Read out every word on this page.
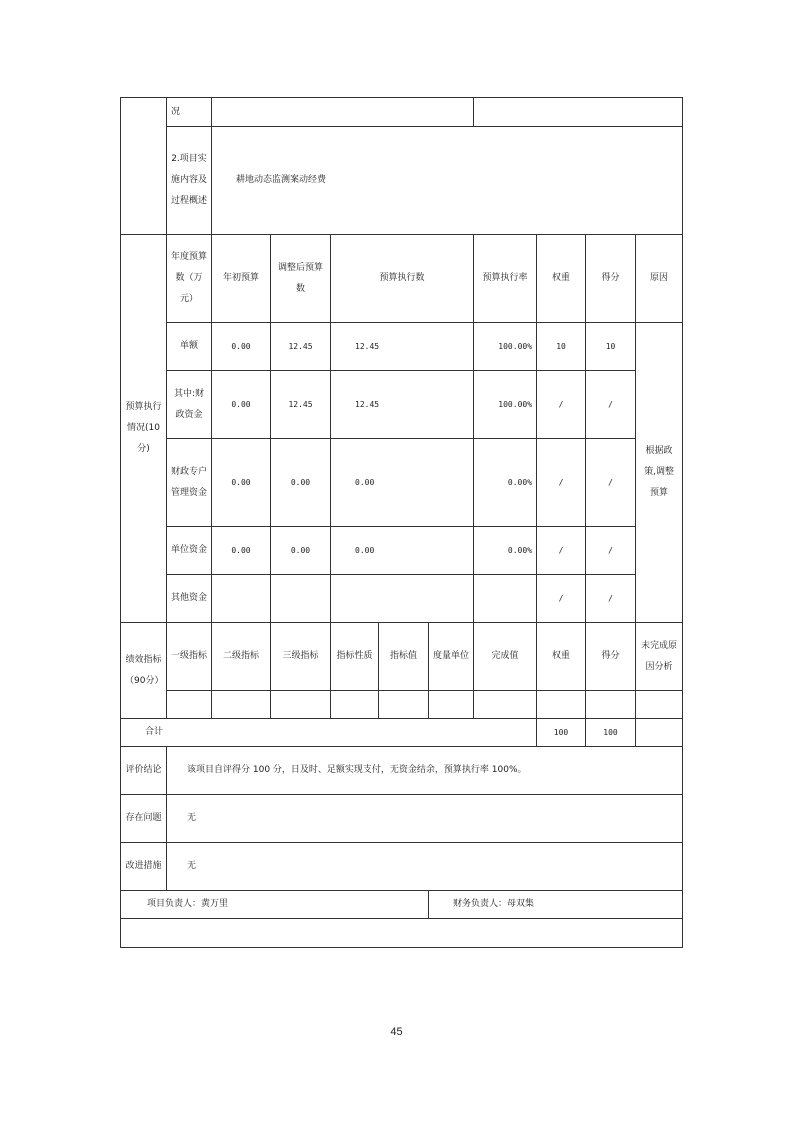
	况									
	2.项目实施内容及过程概述	耕地动态监测案动经费								
预算执行情况(10分)	年度预算数（万元）	年初预算	调整后预算数	预算执行数			预算执行率	权重	得分	原因
	单额	0.00	12.45	12.45			100.00%	10	10	根据政策,调整预算
	其中:财政资金	0.00	12.45	12.45			100.00%	/	/	
	财政专户管理资金	0.00	0.00	0.00			0.00%	/	/	
	单位资金	0.00	0.00	0.00			0.00%	/	/	
	其他资金							/	/	
绩效指标（90分）	一级指标	二级指标	三级指标	指标性质	指标值	度量单位	完成值	权重	得分	未完成原因分析

合计								100	100	
评价结论	该项目自评得分 100 分，日及时、足额实现支付，无资金结余，预算执行率 100%。									
存在问题	无									
改进措施	无									
项目负责人：黄万里						财务负责人：母双集				

45
